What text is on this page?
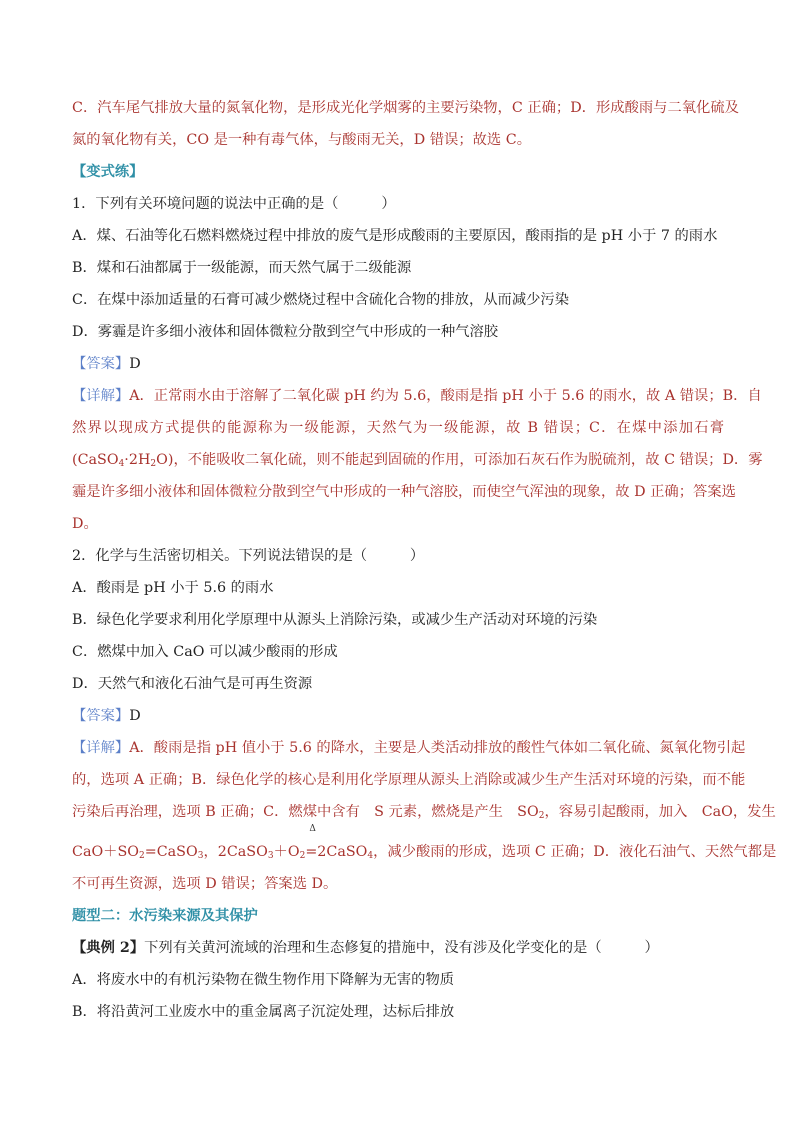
C．汽车尾气排放大量的氮氧化物，是形成光化学烟雾的主要污染物，C 正确；D．形成酸雨与二氧化硫及
氮的氧化物有关，CO 是一种有毒气体，与酸雨无关，D 错误；故选 C。
【变式练】
1．下列有关环境问题的说法中正确的是（　　　）
A．煤、石油等化石燃料燃烧过程中排放的废气是形成酸雨的主要原因，酸雨指的是 pH 小于 7 的雨水
B．煤和石油都属于一级能源，而天然气属于二级能源
C．在煤中添加适量的石膏可减少燃烧过程中含硫化合物的排放，从而减少污染
D．雾霾是许多细小液体和固体微粒分散到空气中形成的一种气溶胶
【答案】D
【详解】A．正常雨水由于溶解了二氧化碳 pH 约为 5.6，酸雨是指 pH 小于 5.6 的雨水，故 A 错误；B．自
然界以现成方式提供的能源称为一级能源，天然气为一级能源，故 B 错误；C．在煤中添加石膏
$(CaSO_4\cdot 2H_2O)$，不能吸收二氧化硫，则不能起到固硫的作用，可添加石灰石作为脱硫剂，故 C 错误；D．雾
霾是许多细小液体和固体微粒分散到空气中形成的一种气溶胶，而使空气浑浊的现象，故 D 正确；答案选
D。
2．化学与生活密切相关。下列说法错误的是（　　　）
A．酸雨是 pH 小于 5.6 的雨水
B．绿色化学要求利用化学原理中从源头上消除污染，或减少生产活动对环境的污染
C．燃煤中加入 CaO 可以减少酸雨的形成
D．天然气和液化石油气是可再生资源
【答案】D
【详解】A．酸雨是指 pH 值小于 5.6 的降水，主要是人类活动排放的酸性气体如二氧化硫、氮氧化物引起
的，选项 A 正确；B．绿色化学的核心是利用化学原理从源头上消除或减少生产生活对环境的污染，而不能
污染后再治理，选项 B 正确；C．燃煤中含有　S 元素，燃烧是产生　$SO_2$，容易引起酸雨，加入　CaO，发生
$CaO+SO_2=CaSO_3$，$2CaSO_3+O_2$
Δ
=2CaSO$_4$，减少酸雨的形成，选项 C 正确；D．液化石油气、天然气都是
不可再生资源，选项 D 错误；答案选 D。
题型二：水污染来源及其保护
【典例 2】下列有关黄河流域的治理和生态修复的措施中，没有涉及化学变化的是（　　　）
A．将废水中的有机污染物在微生物作用下降解为无害的物质
B．将沿黄河工业废水中的重金属离子沉淀处理，达标后排放
